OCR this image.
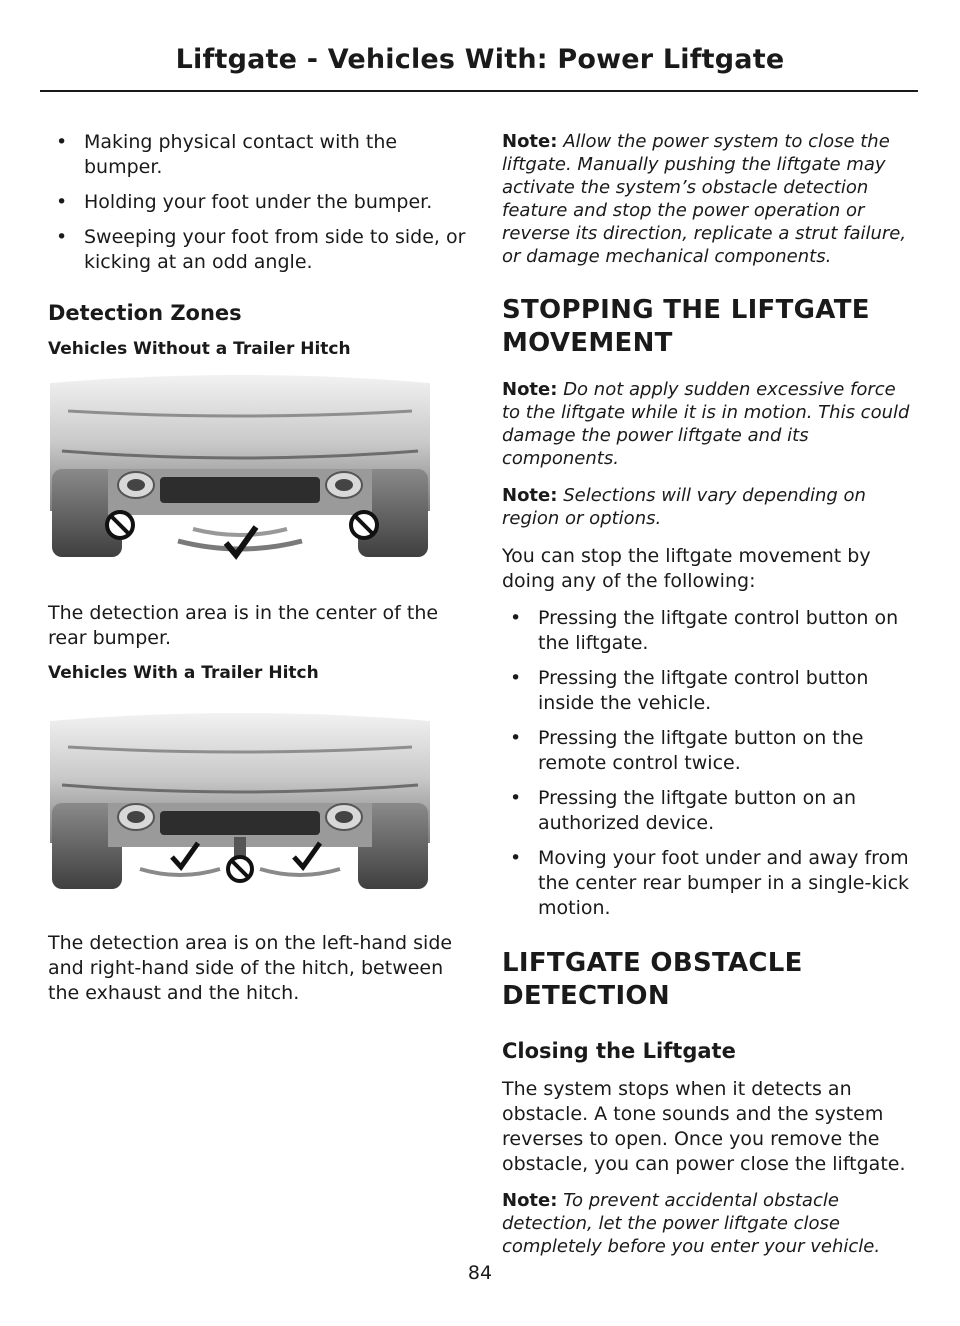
Liftgate - Vehicles With: Power Liftgate
• Making physical contact with the bumper.
• Holding your foot under the bumper.
• Sweeping your foot from side to side, or kicking at an odd angle.
Detection Zones
Vehicles Without a Trailer Hitch

The detection area is in the center of the rear bumper.

Vehicles With a Trailer Hitch

The detection area is on the left-hand side and right-hand side of the hitch, between the exhaust and the hitch.

Note: Allow the power system to close the liftgate. Manually pushing the liftgate may activate the system’s obstacle detection feature and stop the power operation or reverse its direction, replicate a strut failure, or damage mechanical components.

STOPPING THE LIFTGATE
MOVEMENT

Note: Do not apply sudden excessive force to the liftgate while it is in motion. This could damage the power liftgate and its components.

Note: Selections will vary depending on region or options.

You can stop the liftgate movement by doing any of the following:

• Pressing the liftgate control button on the liftgate.
• Pressing the liftgate control button inside the vehicle.
• Pressing the liftgate button on the remote control twice.
• Pressing the liftgate button on an authorized device.
• Moving your foot under and away from the center rear bumper in a single-kick motion.
LIFTGATE OBSTACLE
DETECTION
Closing the Liftgate

The system stops when it detects an obstacle. A tone sounds and the system reverses to open. Once you remove the obstacle, you can power close the liftgate.

Note: To prevent accidental obstacle detection, let the power liftgate close completely before you enter your vehicle.

84
